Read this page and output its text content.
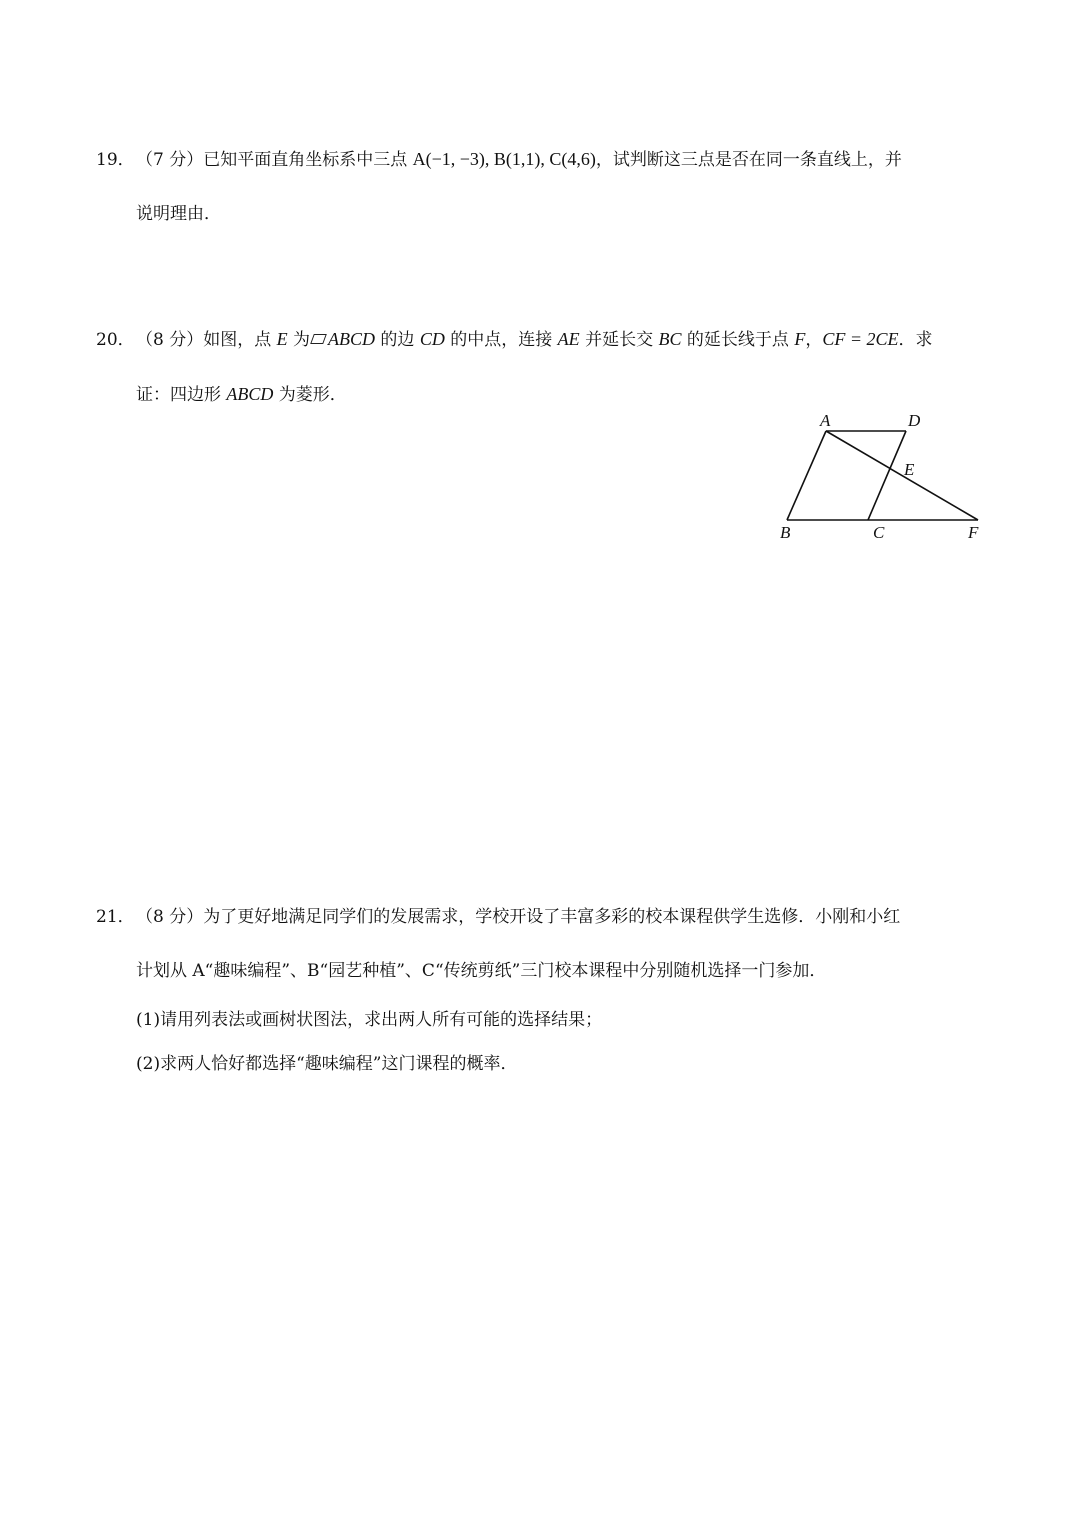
19．（7 分）已知平面直角坐标系中三点 A(−1, −3), B(1,1), C(4,6)，试判断这三点是否在同一条直线上，并
说明理由．
20．（8 分）如图，点 E 为 ABCD 的边 CD 的中点，连接 AE 并延长交 BC 的延长线于点 F，CF = 2CE．求
证：四边形 ABCD 为菱形．
A	D
E
B	C	F
21．（8 分）为了更好地满足同学们的发展需求，学校开设了丰富多彩的校本课程供学生选修．小刚和小红
计划从 A“趣味编程”、B“园艺种植”、C“传统剪纸”三门校本课程中分别随机选择一门参加．
(1)请用列表法或画树状图法，求出两人所有可能的选择结果；
(2)求两人恰好都选择“趣味编程”这门课程的概率．
